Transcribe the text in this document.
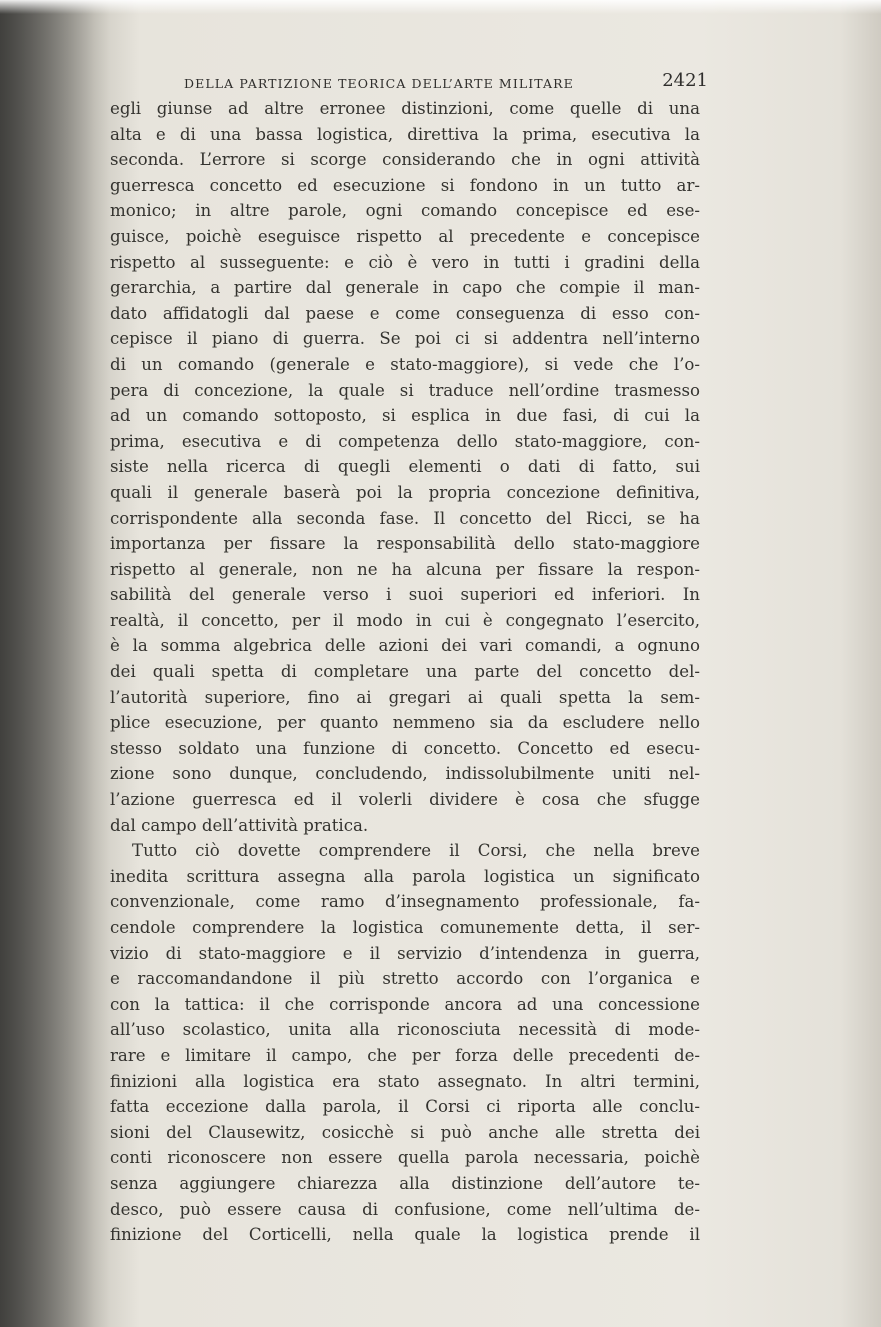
DELLA PARTIZIONE TEORICA DELL’ARTE MILITARE	2421
egli giunse ad altre erronee distinzioni, come quelle di una
alta e di una bassa logistica, direttiva la prima, esecutiva la
seconda. L’errore si scorge considerando che in ogni attività
guerresca concetto ed esecuzione si fondono in un tutto ar-
monico; in altre parole, ogni comando concepisce ed ese-
guisce, poichè eseguisce rispetto al precedente e concepisce
rispetto al susseguente: e ciò è vero in tutti i gradini della
gerarchia, a partire dal generale in capo che compie il man-
dato affidatogli dal paese e come conseguenza di esso con-
cepisce il piano di guerra. Se poi ci si addentra nell’interno
di un comando (generale e stato-maggiore), si vede che l’o-
pera di concezione, la quale si traduce nell’ordine trasmesso
ad un comando sottoposto, si esplica in due fasi, di cui la
prima, esecutiva e di competenza dello stato-maggiore, con-
siste nella ricerca di quegli elementi o dati di fatto, sui
quali il generale baserà poi la propria concezione definitiva,
corrispondente alla seconda fase. Il concetto del Ricci, se ha
importanza per fissare la responsabilità dello stato-maggiore
rispetto al generale, non ne ha alcuna per fissare la respon-
sabilità del generale verso i suoi superiori ed inferiori. In
realtà, il concetto, per il modo in cui è congegnato l’esercito,
è la somma algebrica delle azioni dei vari comandi, a ognuno
dei quali spetta di completare una parte del concetto del-
l’autorità superiore, fino ai gregari ai quali spetta la sem-
plice esecuzione, per quanto nemmeno sia da escludere nello
stesso soldato una funzione di concetto. Concetto ed esecu-
zione sono dunque, concludendo, indissolubilmente uniti nel-
l’azione guerresca ed il volerli dividere è cosa che sfugge
dal campo dell’attività pratica.
Tutto ciò dovette comprendere il Corsi, che nella breve
inedita scrittura assegna alla parola logistica un significato
convenzionale, come ramo d’insegnamento professionale, fa-
cendole comprendere la logistica comunemente detta, il ser-
vizio di stato-maggiore e il servizio d’intendenza in guerra,
e raccomandandone il più stretto accordo con l’organica e
con la tattica: il che corrisponde ancora ad una concessione
all’uso scolastico, unita alla riconosciuta necessità di mode-
rare e limitare il campo, che per forza delle precedenti de-
finizioni alla logistica era stato assegnato. In altri termini,
fatta eccezione dalla parola, il Corsi ci riporta alle conclu-
sioni del Clausewitz, cosicchè si può anche alle stretta dei
conti riconoscere non essere quella parola necessaria, poichè
senza aggiungere chiarezza alla distinzione dell’autore te-
desco, può essere causa di confusione, come nell’ultima de-
finizione del Corticelli, nella quale la logistica prende il
